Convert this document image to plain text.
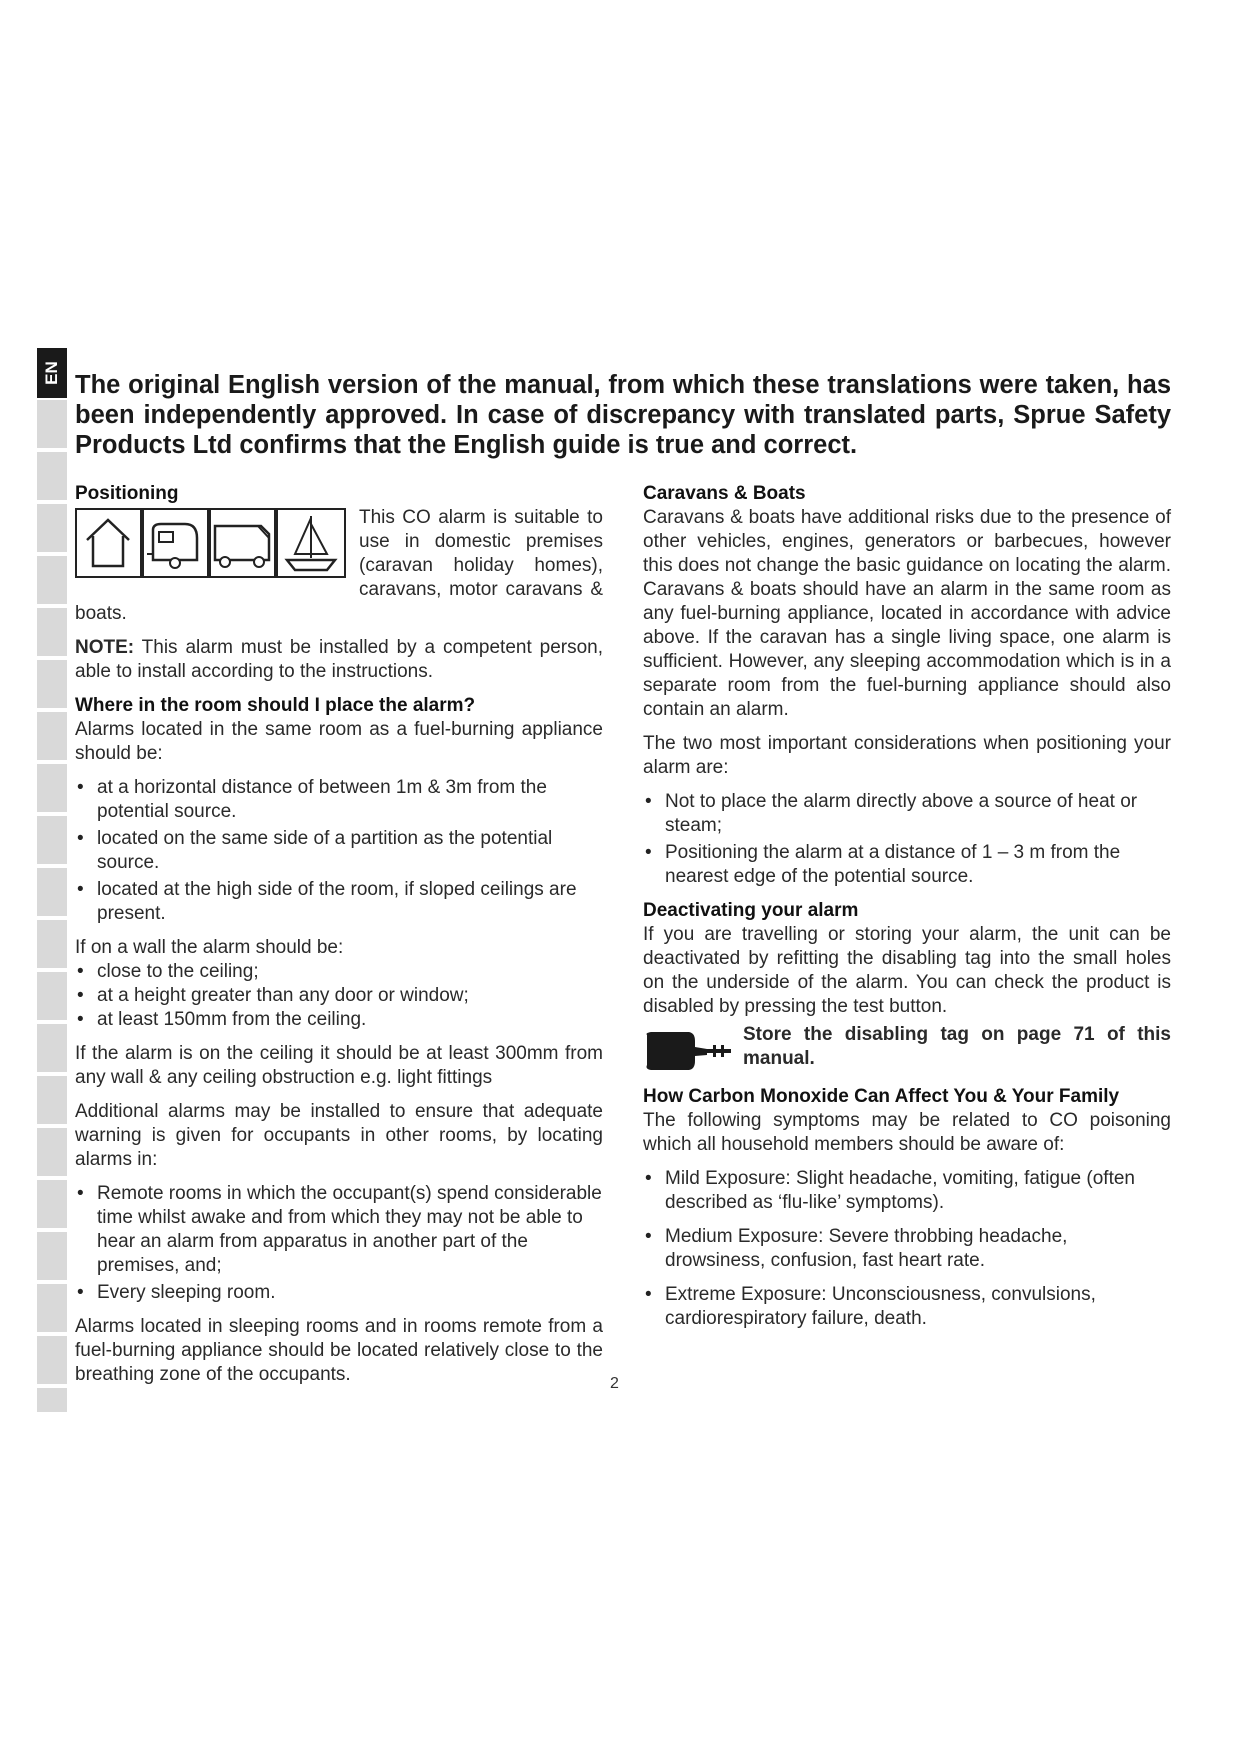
EN The original English version of the manual, from which these translations were taken, has been independently approved. In case of discrepancy with translated parts, Sprue Safety Products Ltd confirms that the English guide is true and correct.
Positioning

This CO alarm is suitable to use in domestic premises (caravan holiday homes), caravans, motor caravans & boats.

NOTE: This alarm must be installed by a competent person, able to install according to the instructions.

Where in the room should I place the alarm?

Alarms located in the same room as a fuel-burning appliance should be:

• at a horizontal distance of between 1m & 3m from the potential source.
• located on the same side of a partition as the potential source.
• located at the high side of the room, if sloped ceilings are present.

If on a wall the alarm should be:

• close to the ceiling;
• at a height greater than any door or window;
• at least 150mm from the ceiling.

If the alarm is on the ceiling it should be at least 300mm from any wall & any ceiling obstruction e.g. light fittings

Additional alarms may be installed to ensure that adequate warning is given for occupants in other rooms, by locating alarms in:

• Remote rooms in which the occupant(s) spend considerable time whilst awake and from which they may not be able to hear an alarm from apparatus in another part of the premises, and;
• Every sleeping room.

Alarms located in sleeping rooms and in rooms remote from a fuel-burning appliance should be located relatively close to the breathing zone of the occupants.

Caravans & Boats

Caravans & boats have additional risks due to the presence of other vehicles, engines, generators or barbecues, however this does not change the basic guidance on locating the alarm. Caravans & boats should have an alarm in the same room as any fuel-burning appliance, located in accordance with advice above. If the caravan has a single living space, one alarm is sufficient. However, any sleeping accommodation which is in a separate room from the fuel-burning appliance should also contain an alarm.

The two most important considerations when positioning your alarm are:

• Not to place the alarm directly above a source of heat or steam;
• Positioning the alarm at a distance of 1 – 3 m from the nearest edge of the potential source.
Deactivating your alarm

If you are travelling or storing your alarm, the unit can be deactivated by refitting the disabling tag into the small holes on the underside of the alarm. You can check the product is disabled by pressing the test button.

Store the disabling tag on page 71 of this manual.
How Carbon Monoxide Can Affect You & Your Family

The following symptoms may be related to CO poisoning which all household members should be aware of:

• Mild Exposure: Slight headache, vomiting, fatigue (often described as ‘flu-like’ symptoms).
• Medium Exposure: Severe throbbing headache, drowsiness, confusion, fast heart rate.
• Extreme Exposure: Unconsciousness, convulsions, cardiorespiratory failure, death.
2
